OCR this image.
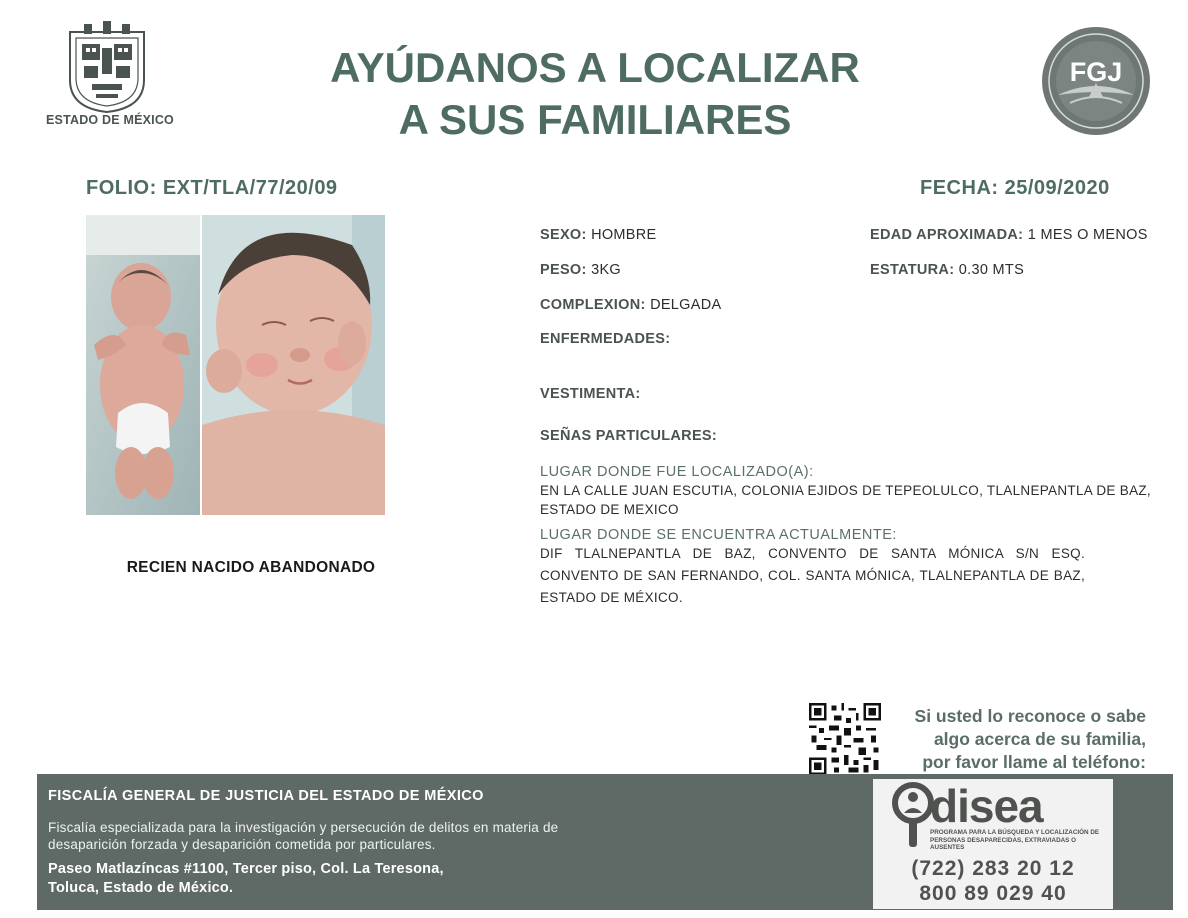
ESTADO DE MÉXICO
AYÚDANOS A LOCALIZAR
A SUS FAMILIARES
FGJ
FOLIO: EXT/TLA/77/20/09	FECHA: 25/09/2020
RECIEN NACIDO ABANDONADO
SEXO: HOMBRE
PESO: 3KG
COMPLEXION: DELGADA
ENFERMEDADES:
VESTIMENTA:
SEÑAS PARTICULARES:
EDAD APROXIMADA: 1 MES O MENOS
ESTATURA: 0.30 MTS
LUGAR DONDE FUE LOCALIZADO(A):
EN LA CALLE JUAN ESCUTIA, COLONIA EJIDOS DE TEPEOLULCO, TLALNEPANTLA DE BAZ, ESTADO DE MEXICO
LUGAR DONDE SE ENCUENTRA ACTUALMENTE:
DIF TLALNEPANTLA DE BAZ, CONVENTO DE SANTA MÓNICA S/N ESQ. CONVENTO DE SAN FERNANDO, COL. SANTA MÓNICA, TLALNEPANTLA DE BAZ, ESTADO DE MÉXICO.
Si usted lo reconoce o sabe
algo acerca de su familia,
por favor llame al teléfono:
FISCALÍA GENERAL DE JUSTICIA DEL ESTADO DE MÉXICO
Fiscalía especializada para la investigación y persecución de delitos en materia de desaparición forzada y desaparición cometida por particulares.
Paseo Matlazíncas #1100, Tercer piso, Col. La Teresona,
Toluca, Estado de México.
disea
PROGRAMA PARA LA BÚSQUEDA Y LOCALIZACIÓN DE PERSONAS DESAPARECIDAS, EXTRAVIADAS O AUSENTES
(722) 283 20 12
800 89 029 40
